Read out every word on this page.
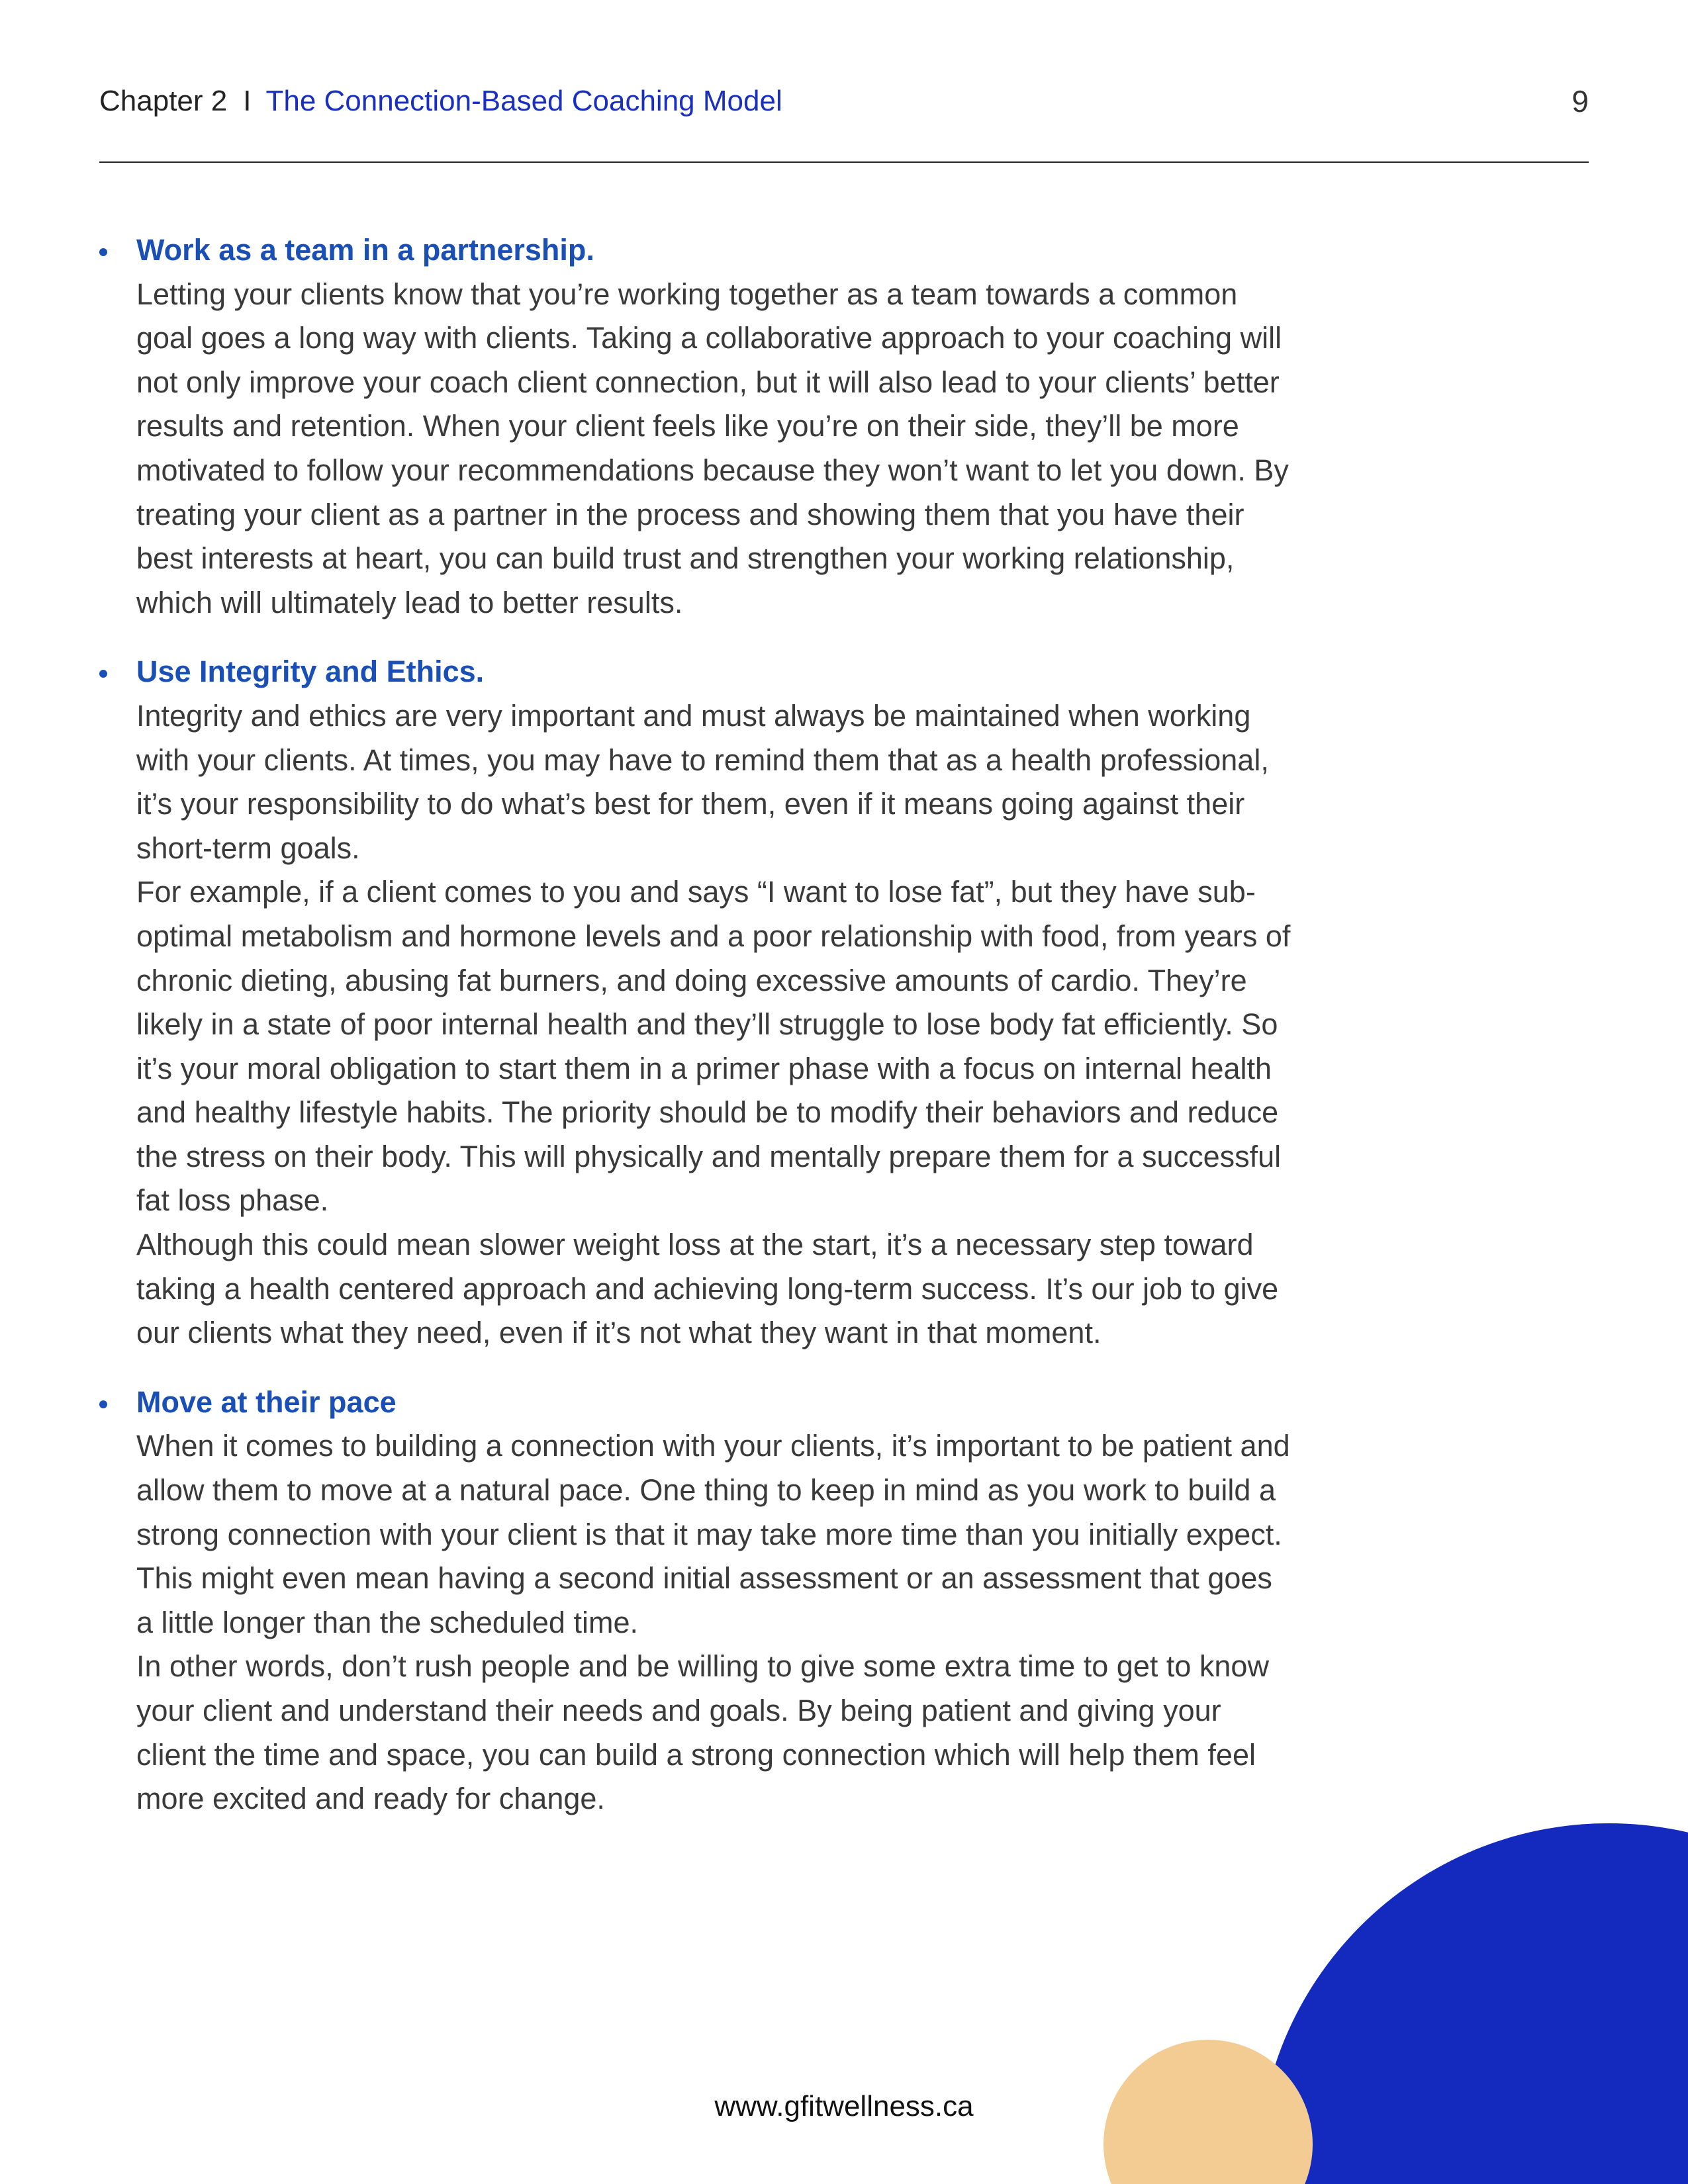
Chapter 2 I The Connection-Based Coaching Model	9

Work as a team in a partnership.

Letting your clients know that you’re working together as a team towards a common goal goes a long way with clients. Taking a collaborative approach to your coaching will not only improve your coach client connection, but it will also lead to your clients’ better results and retention. When your client feels like you’re on their side, they’ll be more motivated to follow your recommendations because they won’t want to let you down. By treating your client as a partner in the process and showing them that you have their best interests at heart, you can build trust and strengthen your working relationship, which will ultimately lead to better results.

Use Integrity and Ethics.

Integrity and ethics are very important and must always be maintained when working with your clients. At times, you may have to remind them that as a health professional, it’s your responsibility to do what’s best for them, even if it means going against their short-term goals.

For example, if a client comes to you and says “I want to lose fat”, but they have sub-optimal metabolism and hormone levels and a poor relationship with food, from years of chronic dieting, abusing fat burners, and doing excessive amounts of cardio. They’re likely in a state of poor internal health and they’ll struggle to lose body fat efficiently. So it’s your moral obligation to start them in a primer phase with a focus on internal health and healthy lifestyle habits. The priority should be to modify their behaviors and reduce the stress on their body. This will physically and mentally prepare them for a successful fat loss phase.

Although this could mean slower weight loss at the start, it’s a necessary step toward taking a health centered approach and achieving long-term success. It’s our job to give our clients what they need, even if it’s not what they want in that moment.

Move at their pace

When it comes to building a connection with your clients, it’s important to be patient and allow them to move at a natural pace. One thing to keep in mind as you work to build a strong connection with your client is that it may take more time than you initially expect. This might even mean having a second initial assessment or an assessment that goes a little longer than the scheduled time.

In other words, don’t rush people and be willing to give some extra time to get to know your client and understand their needs and goals. By being patient and giving your client the time and space, you can build a strong connection which will help them feel more excited and ready for change.

www.gfitwellness.ca
